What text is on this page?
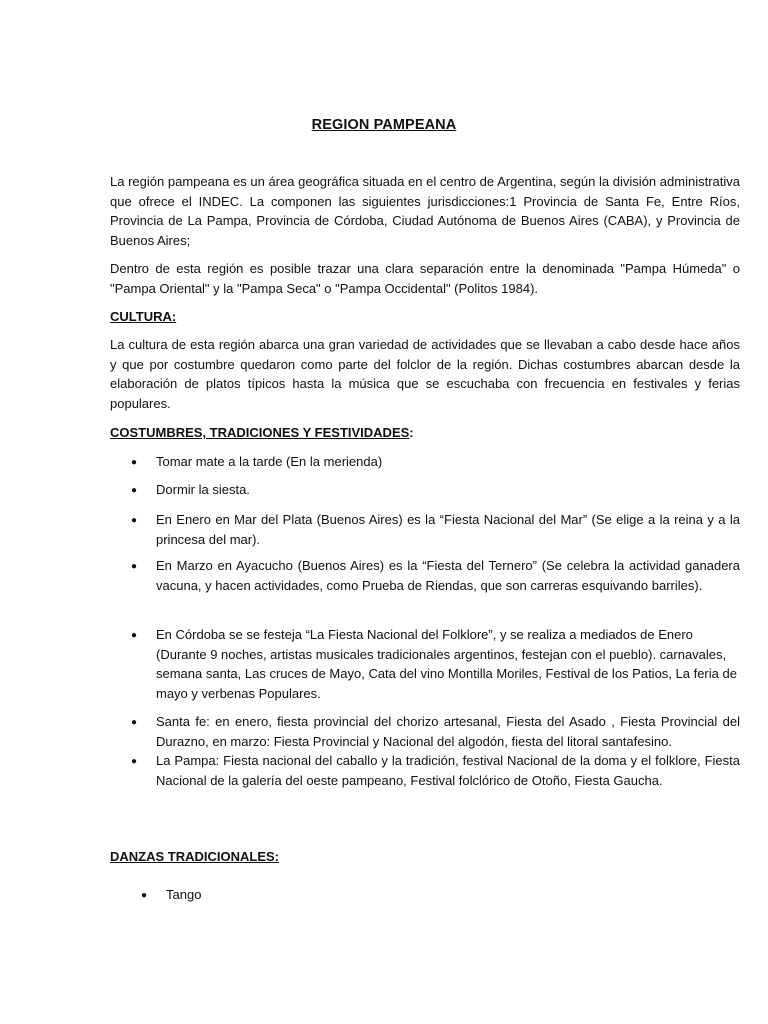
REGION PAMPEANA

La región pampeana es un área geográfica situada en el centro de Argentina, según la división administrativa que ofrece el INDEC. La componen las siguientes jurisdicciones:1 Provincia de Santa Fe, Entre Ríos, Provincia de La Pampa, Provincia de Córdoba, Ciudad Autónoma de Buenos Aires (CABA), y Provincia de Buenos Aires;

Dentro de esta región es posible trazar una clara separación entre la denominada "Pampa Húmeda" o "Pampa Oriental" y la "Pampa Seca" o "Pampa Occidental" (Politos 1984).

CULTURA:

La cultura de esta región abarca una gran variedad de actividades que se llevaban a cabo desde hace años y que por costumbre quedaron como parte del folclor de la región. Dichas costumbres abarcan desde la elaboración de platos típicos hasta la música que se escuchaba con frecuencia en festivales y ferias populares.

COSTUMBRES, TRADICIONES Y FESTIVIDADES:

● Tomar mate a la tarde (En la merienda)

● Dormir la siesta.

● En Enero en Mar del Plata (Buenos Aires) es la “Fiesta Nacional del Mar” (Se elige a la reina y a la princesa del mar).

● En Marzo en Ayacucho (Buenos Aires) es la “Fiesta del Ternero” (Se celebra la actividad ganadera vacuna, y hacen actividades, como Prueba de Riendas, que son carreras esquivando barriles).

● En Córdoba se se festeja “La Fiesta Nacional del Folklore”, y se realiza a mediados de Enero (Durante 9 noches, artistas musicales tradicionales argentinos, festejan con el pueblo). carnavales, semana santa, Las cruces de Mayo, Cata del vino Montilla Moriles, Festival de los Patios, La feria de mayo y verbenas Populares.

● Santa fe: en enero, fiesta provincial del chorizo artesanal, Fiesta del Asado , Fiesta Provincial del Durazno, en marzo: Fiesta Provincial y Nacional del algodón, fiesta del litoral santafesino.

● La Pampa: Fiesta nacional del caballo y la tradición, festival Nacional de la doma y el folklore, Fiesta Nacional de la galería del oeste pampeano, Festival folclórico de Otoño, Fiesta Gaucha.

DANZAS TRADICIONALES:

● Tango
